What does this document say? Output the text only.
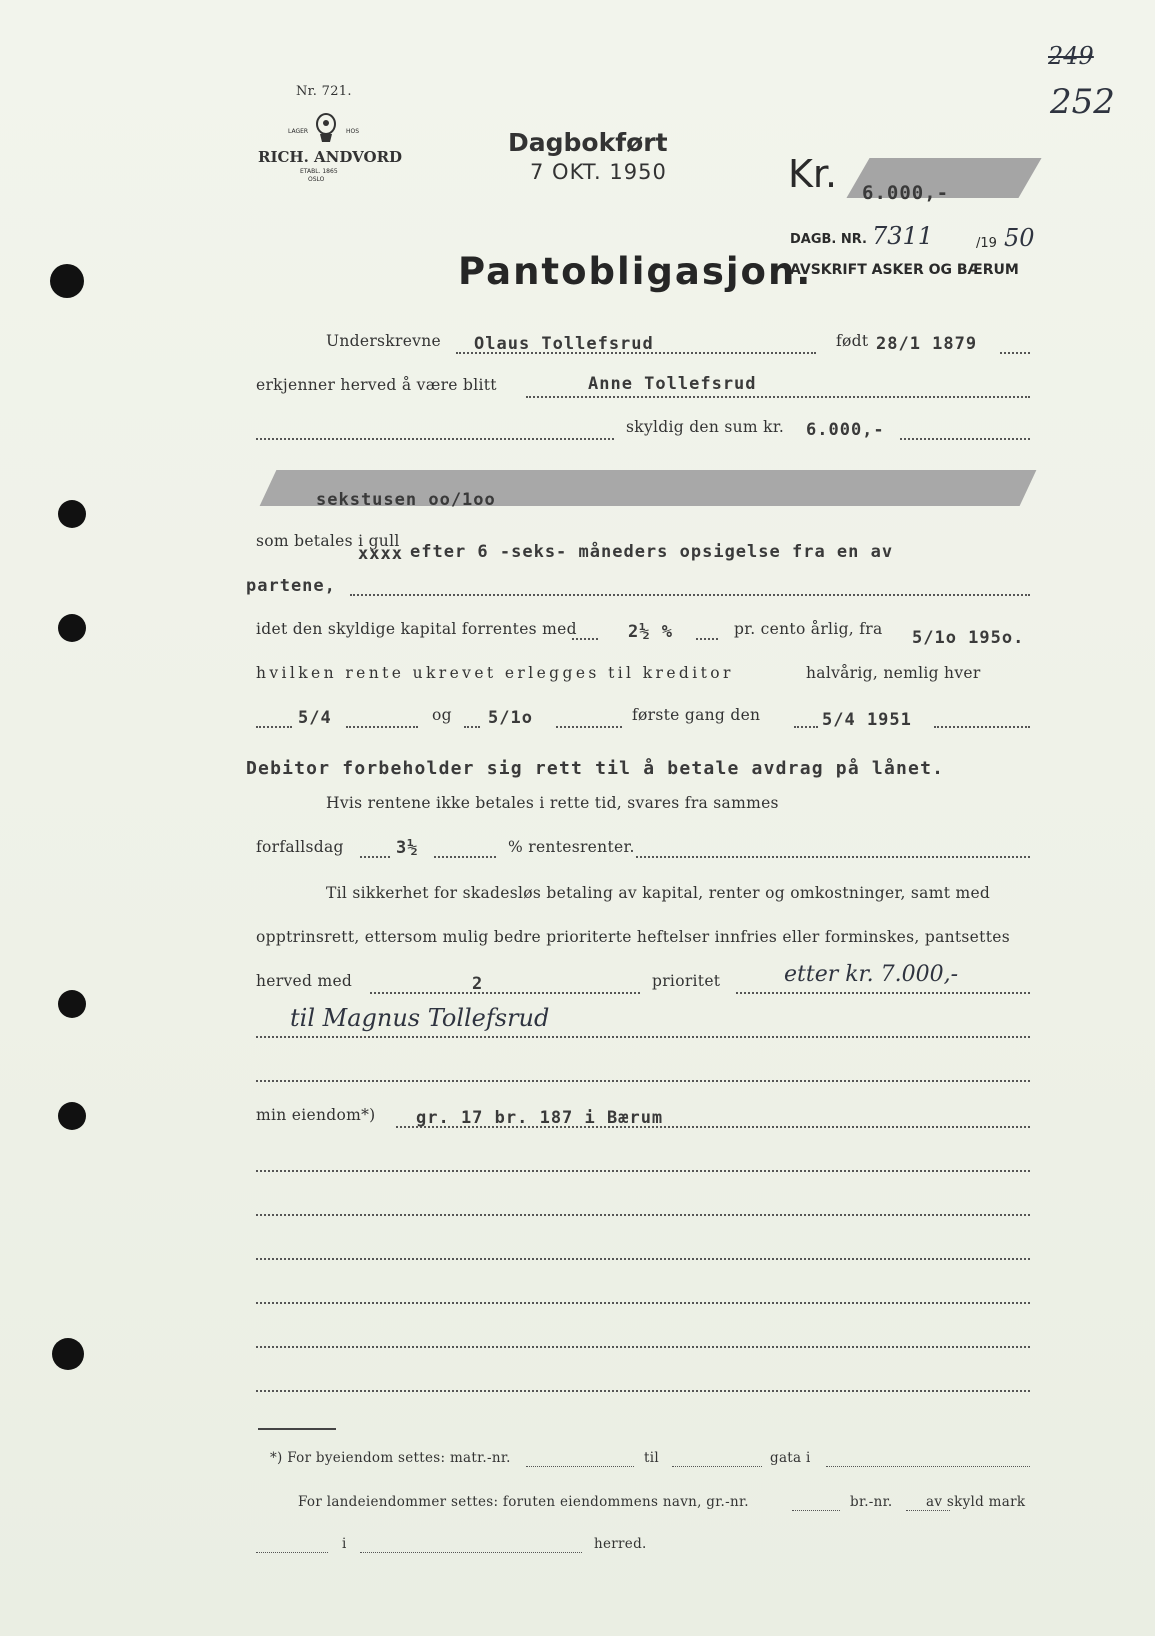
249
252
Nr. 721.
LAGER	HOS
RICH. ANDVORD
ETABL. 1865
OSLO
Dagbokført
7 OKT. 1950	Kr. 6.000,-
DAGB. NR. 7311	/19 50
AVSKRIFT ASKER OG BÆRUM
Pantobligasjon.
Underskrevne Olaus Tollefsrud	født 28/1 1879
erkjenner herved å være blitt	Anne Tollefsrud
skyldig den sum kr. 6.000,-
sekstusen oo/1oo
som betales i gull
xxxx efter 6 -seks- måneders opsigelse fra en av
partene,
idet den skyldige kapital forrentes med	2½ %	pr. cento årlig, fra 5/1o 195o.
hvilken rente ukrevet erlegges til kreditor	halvårig, nemlig hver
5/4	og 5/1o	første gang den	5/4 1951
Debitor forbeholder sig rett til å betale avdrag på lånet.
Hvis rentene ikke betales i rette tid, svares fra sammes
forfallsdag	3½	% rentesrenter.
Til sikkerhet for skadesløs betaling av kapital, renter og omkostninger, samt med
opptrinsrett, ettersom mulig bedre prioriterte heftelser innfries eller forminskes, pantsettes
herved med	2	prioritet	etter kr. 7.000,-
til Magnus Tollefsrud
min eiendom*) gr. 17 br. 187 i Bærum
*) For byeiendom settes: matr.-nr.	til	gata i
For landeiendommer settes: foruten eiendommens navn, gr.-nr.	br.-nr. av skyld mark
i	herred.
